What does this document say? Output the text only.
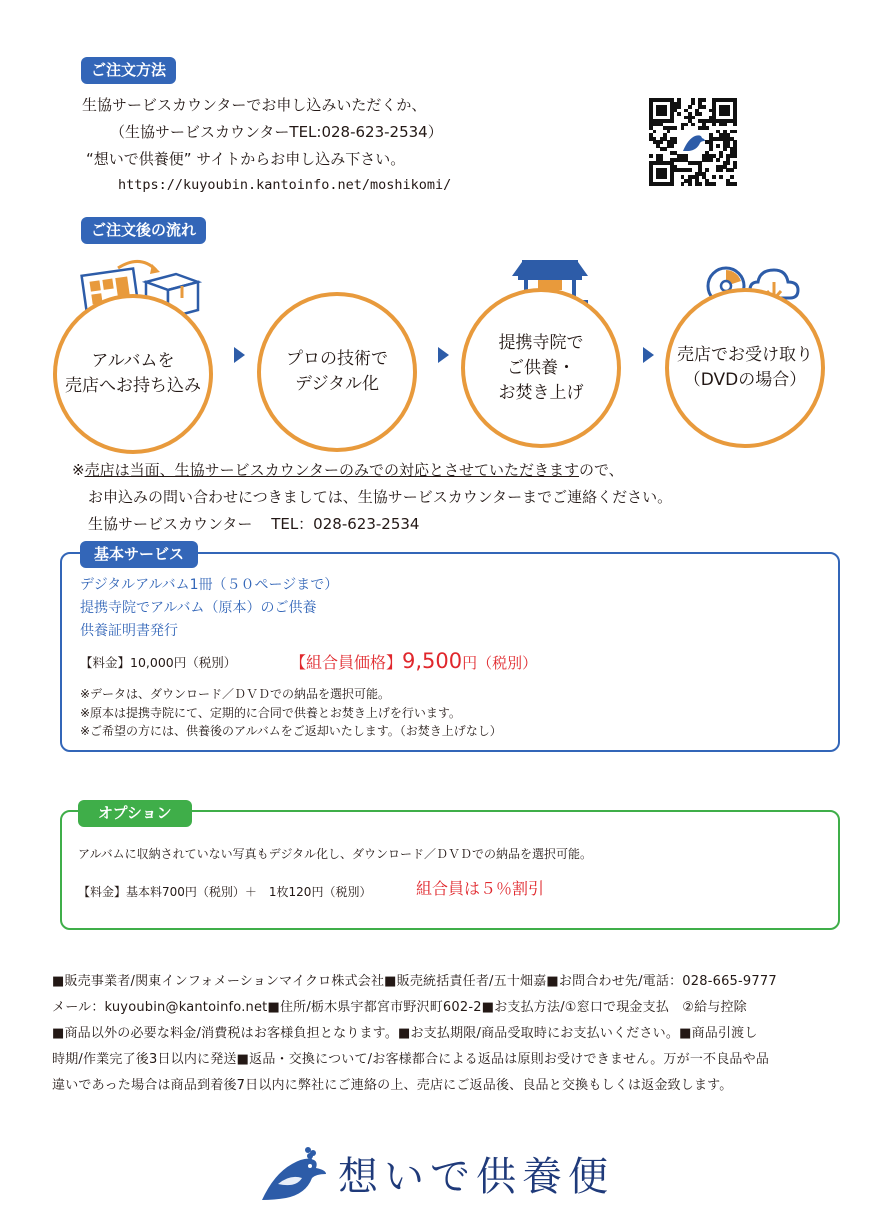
ご注文方法
生協サービスカウンターでお申し込みいただくか、
（生協サービスカウンターTEL:028-623-2534）
“想いで供養便” サイトからお申し込み下さい。
https://kuyoubin.kantoinfo.net/moshikomi/
ご注文後の流れ
アルバムを
売店へお持ち込み
プロの技術で
デジタル化
提携寺院で
ご供養・
お焚き上げ
売店でお受け取り
（DVDの場合）
※売店は当面、生協サービスカウンターのみでの対応とさせていただきますので、
お申込みの問い合わせにつきましては、生協サービスカウンターまでご連絡ください。
生協サービスカウンター TEL：028-623-2534
基本サービス
デジタルアルバム1冊（５０ページまで）
提携寺院でアルバム（原本）のご供養
供養証明書発行
【料金】10,000円（税別）	【組合員価格】9,500円（税別）
※データは、ダウンロード／ＤＶＤでの納品を選択可能。
※原本は提携寺院にて、定期的に合同で供養とお焚き上げを行います。
※ご希望の方には、供養後のアルバムをご返却いたします。（お焚き上げなし）
オプション
アルバムに収納されていない写真もデジタル化し、ダウンロード／ＤＶＤでの納品を選択可能。
【料金】基本料700円（税別）＋　1枚120円（税別）	組合員は５％割引
■販売事業者/関東インフォメーションマイクロ株式会社■販売統括責任者/五十畑嘉■お問合わせ先/電話：028-665-9777
メール：kuyoubin@kantoinfo.net■住所/栃木県宇都宮市野沢町602-2■お支払方法/①窓口で現金支払　②給与控除
■商品以外の必要な料金/消費税はお客様負担となります。■お支払期限/商品受取時にお支払いください。■商品引渡し
時期/作業完了後3日以内に発送■返品・交換について/お客様都合による返品は原則お受けできません。万が一不良品や品
違いであった場合は商品到着後7日以内に弊社にご連絡の上、売店にご返品後、良品と交換もしくは返金致します。
想いで供養便
